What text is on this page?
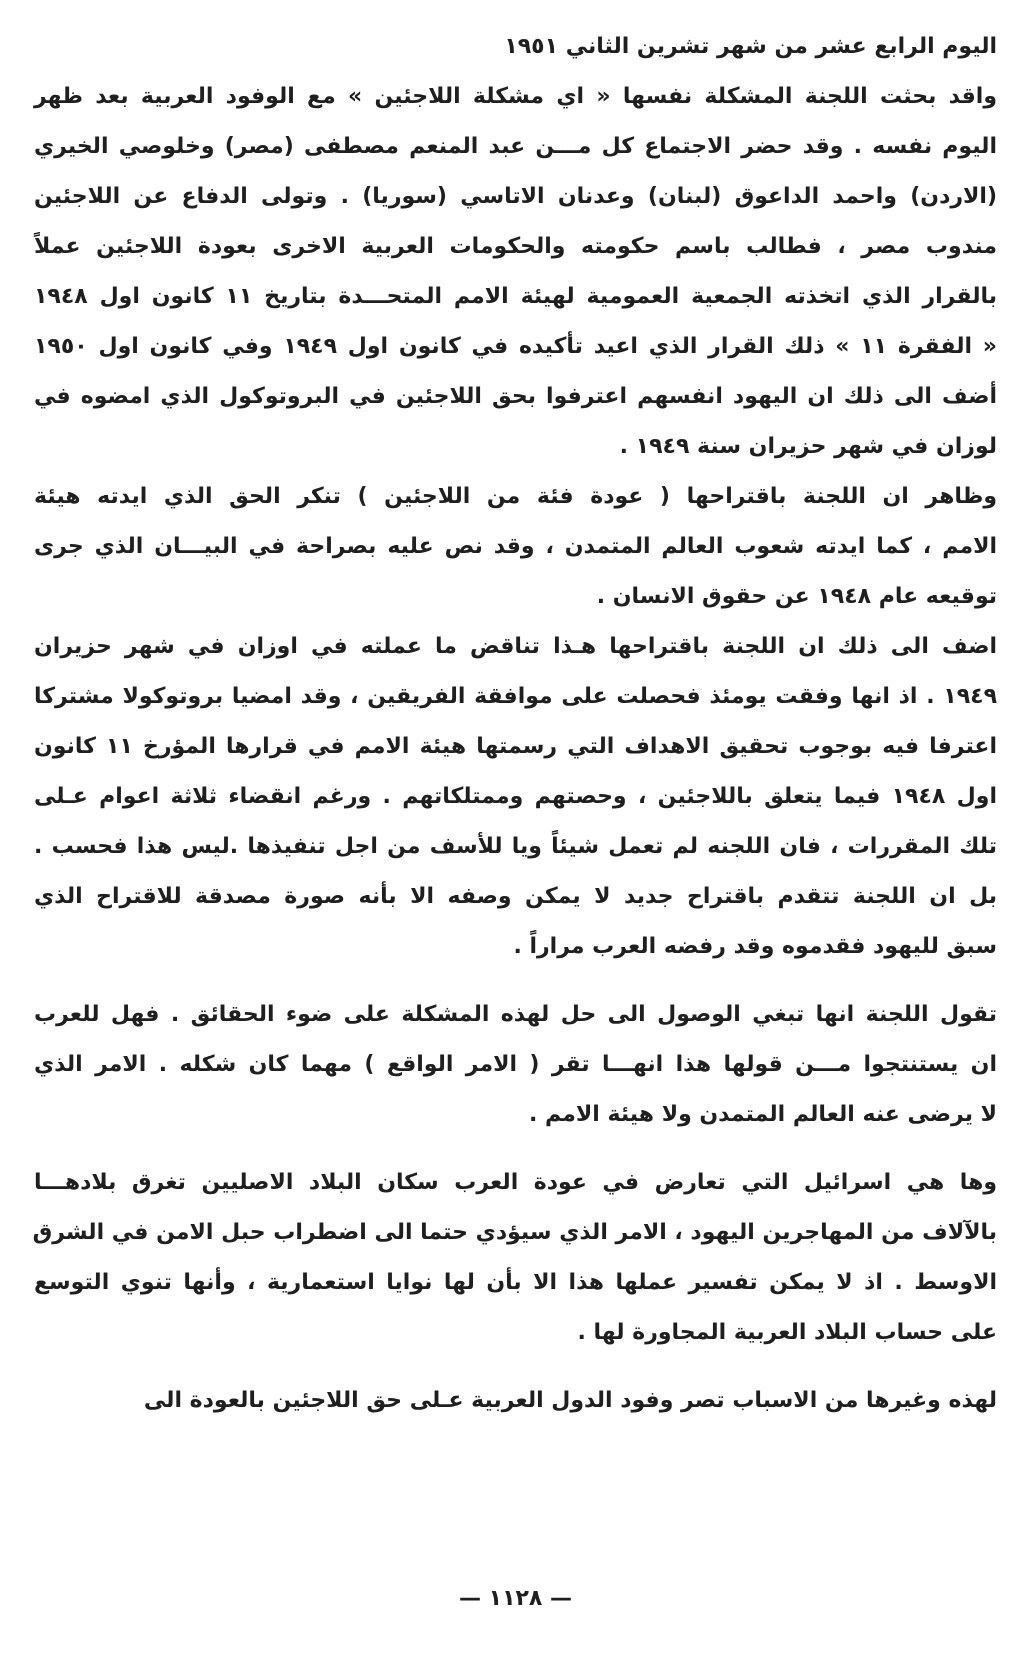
اليوم الرابع عشر من شهر تشرين الثاني ١٩٥١
واقد بحثت اللجنة المشكلة نفسها « اي مشكلة اللاجئين » مع الوفود العربية بعد ظهر
اليوم نفسه . وقد حضر الاجتماع كل مـــن عبد المنعم مصطفى (مصر) وخلوصي الخيري
(الاردن) واحمد الداعوق (لبنان) وعدنان الاتاسي (سوريا) . وتولى الدفاع عن اللاجئين
مندوب مصر ، فطالب باسم حكومته والحكومات العربية الاخرى بعودة اللاجئين عملاً
بالقرار الذي اتخذته الجمعية العمومية لهيئة الامم المتحـــدة بتاريخ ١١ كانون اول ١٩٤٨
« الفقرة ١١ » ذلك القرار الذي اعيد تأكيده في كانون اول ١٩٤٩ وفي كانون اول ١٩٥٠
أضف الى ذلك ان اليهود انفسهم اعترفوا بحق اللاجئين في البروتوكول الذي امضوه في
لوزان في شهر حزيران سنة ١٩٤٩ .
وظاهر ان اللجنة باقتراحها ( عودة فئة من اللاجئين ) تنكر الحق الذي ايدته هيئة
الامم ، كما ايدته شعوب العالم المتمدن ، وقد نص عليه بصراحة في البيـــان الذي جرى
توقيعه عام ١٩٤٨ عن حقوق الانسان .
اضف الى ذلك ان اللجنة باقتراحها هـذا تناقض ما عملته في اوزان في شهر حزيران
١٩٤٩ . اذ انها وفقت يومئذ فحصلت على موافقة الفريقين ، وقد امضيا بروتوكولا مشتركا
اعترفا فيه بوجوب تحقيق الاهداف التي رسمتها هيئة الامم في قرارها المؤرخ ١١ كانون
اول ١٩٤٨ فيما يتعلق باللاجئين ، وحصتهم وممتلكاتهم . ورغم انقضاء ثلاثة اعوام عـلى
تلك المقررات ، فان اللجنه لم تعمل شيئاً ويا للأسف من اجل تنفيذها .ليس هذا فحسب .
بل ان اللجنة تتقدم باقتراح جديد لا يمكن وصفه الا بأنه صورة مصدقة للاقتراح الذي
سبق لليهود فقدموه وقد رفضه العرب مراراً .
تقول اللجنة انها تبغي الوصول الى حل لهذه المشكلة على ضوء الحقائق . فهل للعرب
ان يستنتجوا مـــن قولها هذا انهـــا تقر ( الامر الواقع ) مهما كان شكله . الامر الذي
لا يرضى عنه العالم المتمدن ولا هيئة الامم .
وها هي اسرائيل التي تعارض في عودة العرب سكان البلاد الاصليين تغرق بلادهـــا
بالآلاف من المهاجرين اليهود ، الامر الذي سيؤدي حتما الى اضطراب حبل الامن في الشرق
الاوسط . اذ لا يمكن تفسير عملها هذا الا بأن لها نوايا استعمارية ، وأنها تنوي التوسع
على حساب البلاد العربية المجاورة لها .
لهذه وغيرها من الاسباب تصر وفود الدول العربية عـلى حق اللاجئين بالعودة الى
— ١١٢٨ —
